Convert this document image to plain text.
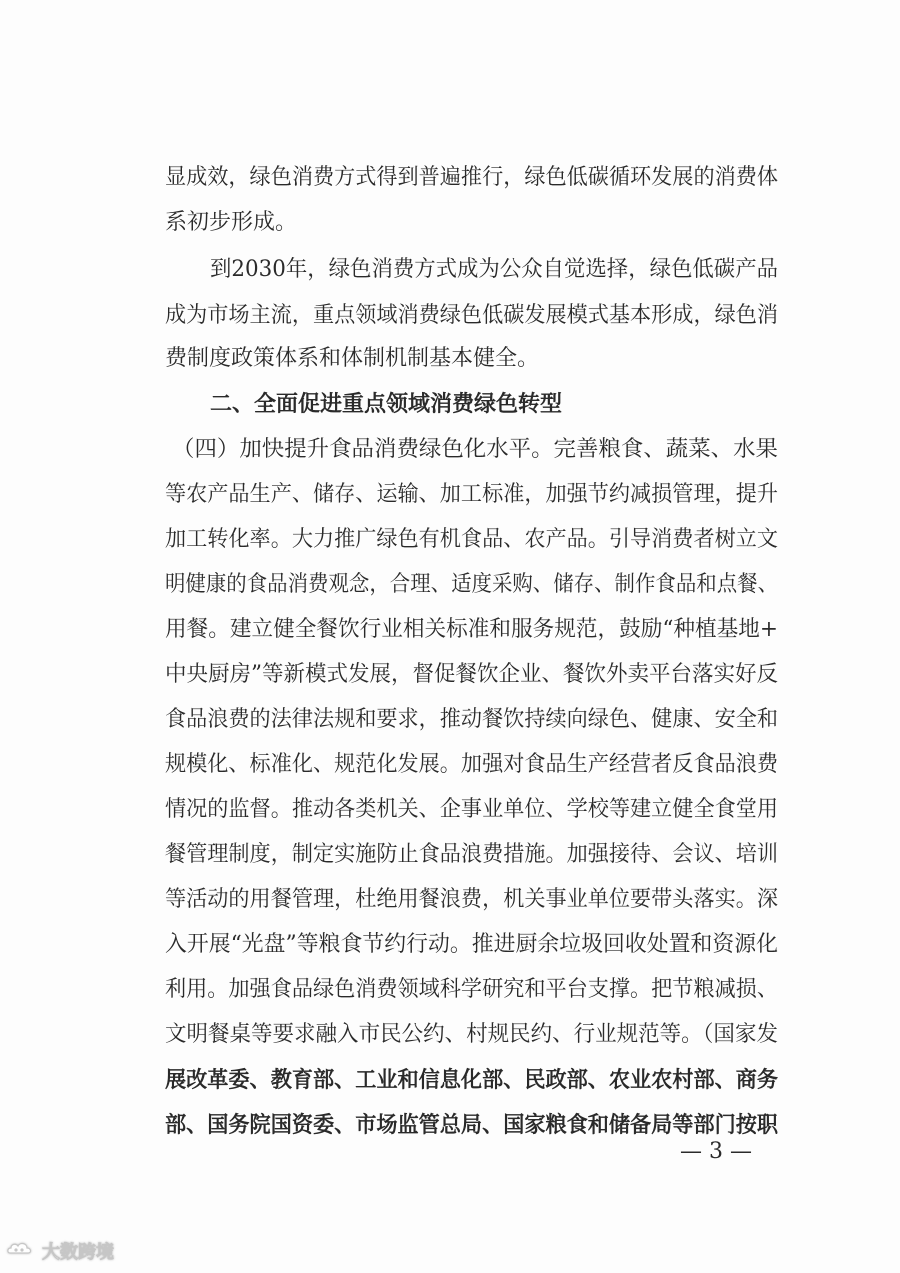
显成效，绿色消费方式得到普遍推行，绿色低碳循环发展的消费体
系初步形成。
到2030年，绿色消费方式成为公众自觉选择，绿色低碳产品
成为市场主流，重点领域消费绿色低碳发展模式基本形成，绿色消
费制度政策体系和体制机制基本健全。
二、全面促进重点领域消费绿色转型
（四）加快提升食品消费绿色化水平。完善粮食、蔬菜、水果
等农产品生产、储存、运输、加工标准，加强节约减损管理，提升
加工转化率。大力推广绿色有机食品、农产品。引导消费者树立文
明健康的食品消费观念，合理、适度采购、储存、制作食品和点餐、
用餐。建立健全餐饮行业相关标准和服务规范，鼓励“种植基地+
中央厨房”等新模式发展，督促餐饮企业、餐饮外卖平台落实好反
食品浪费的法律法规和要求，推动餐饮持续向绿色、健康、安全和
规模化、标准化、规范化发展。加强对食品生产经营者反食品浪费
情况的监督。推动各类机关、企事业单位、学校等建立健全食堂用
餐管理制度，制定实施防止食品浪费措施。加强接待、会议、培训
等活动的用餐管理，杜绝用餐浪费，机关事业单位要带头落实。深
入开展“光盘”等粮食节约行动。推进厨余垃圾回收处置和资源化
利用。加强食品绿色消费领域科学研究和平台支撑。把节粮减损、
文明餐桌等要求融入市民公约、村规民约、行业规范等。（国家发
展改革委、教育部、工业和信息化部、民政部、农业农村部、商务
部、国务院国资委、市场监管总局、国家粮食和储备局等部门按职
— 3 —
大数跨境
